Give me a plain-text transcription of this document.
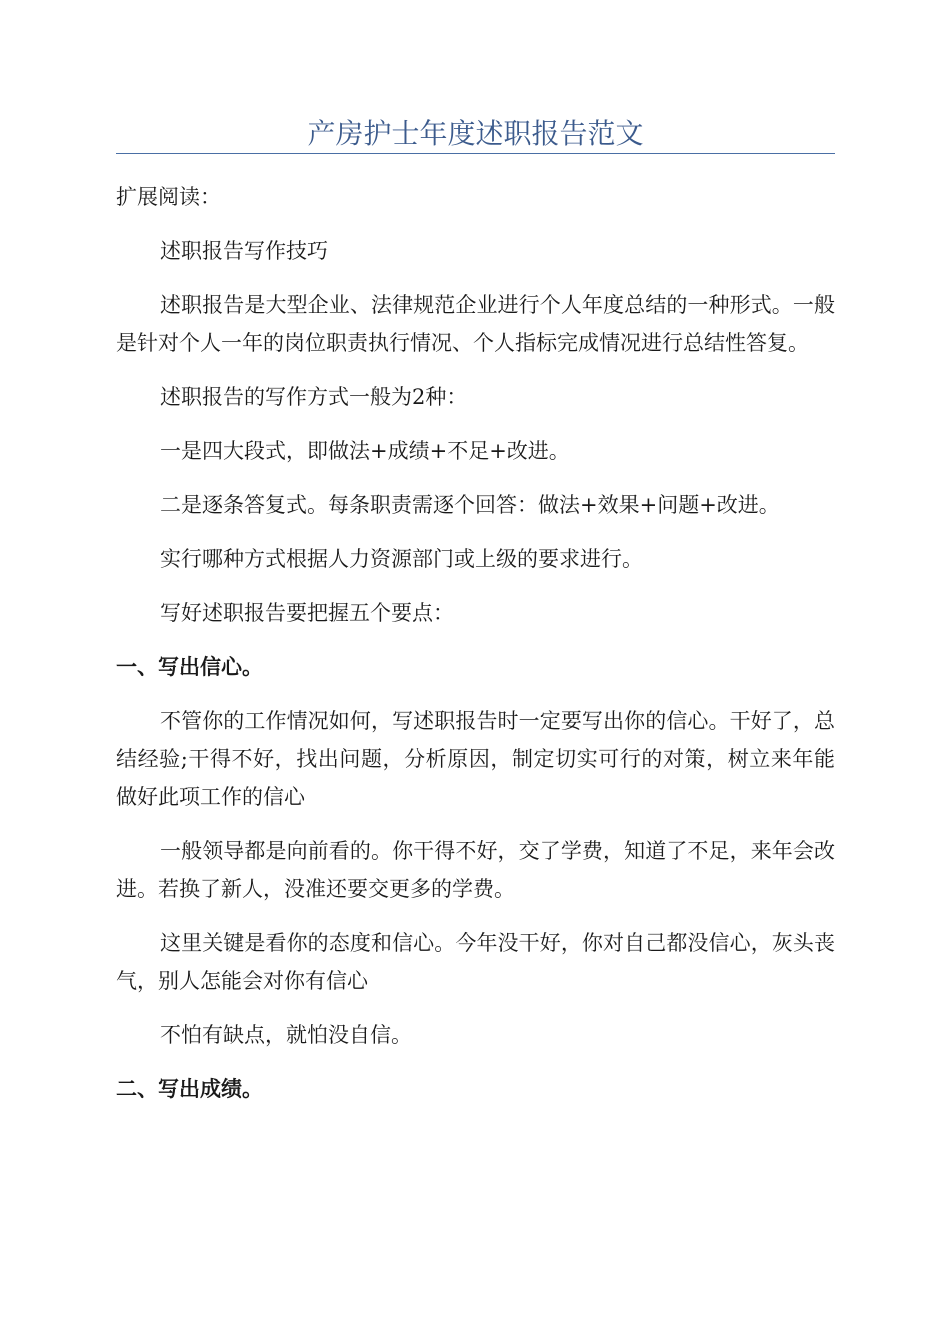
产房护士年度述职报告范文

扩展阅读：

述职报告写作技巧

述职报告是大型企业、法律规范企业进行个人年度总结的一种形式。一般是针对个人一年的岗位职责执行情况、个人指标完成情况进行总结性答复。

述职报告的写作方式一般为2种：

一是四大段式，即做法+成绩+不足+改进。

二是逐条答复式。每条职责需逐个回答：做法+效果+问题+改进。

实行哪种方式根据人力资源部门或上级的要求进行。

写好述职报告要把握五个要点：

一、写出信心。

不管你的工作情况如何，写述职报告时一定要写出你的信心。干好了，总结经验;干得不好，找出问题，分析原因，制定切实可行的对策，树立来年能做好此项工作的信心

一般领导都是向前看的。你干得不好，交了学费，知道了不足，来年会改进。若换了新人，没准还要交更多的学费。

这里关键是看你的态度和信心。今年没干好，你对自己都没信心，灰头丧气，别人怎能会对你有信心

不怕有缺点，就怕没自信。

二、写出成绩。
